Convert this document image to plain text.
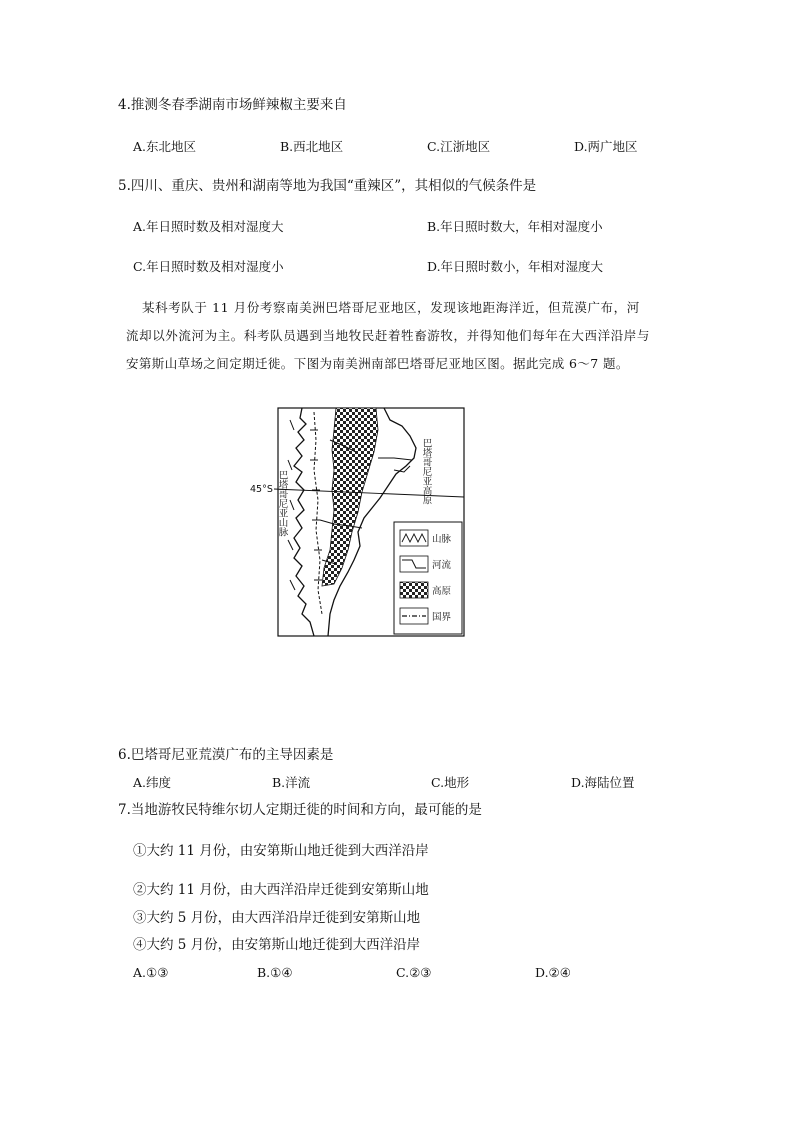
4.推测冬春季湖南市场鲜辣椒主要来自
A.东北地区	B.西北地区	C.江浙地区	D.两广地区
5.四川、重庆、贵州和湖南等地为我国“重辣区”，其相似的气候条件是
A.年日照时数及相对湿度大	B.年日照时数大，年相对湿度小
C.年日照时数及相对湿度小	D.年日照时数小，年相对湿度大
某科考队于 11 月份考察南美洲巴塔哥尼亚地区，发现该地距海洋近，但荒漠广布，河
流却以外流河为主。科考队员遇到当地牧民赶着牲畜游牧，并得知他们每年在大西洋沿岸与
安第斯山草场之间定期迁徙。下图为南美洲南部巴塔哥尼亚地区图。据此完成 6～7 题。
45°S 巴塔哥尼亚山脉	巴塔哥尼亚高原
山脉
河流
高原
国界
6.巴塔哥尼亚荒漠广布的主导因素是
A.纬度	B.洋流	C.地形	D.海陆位置
7.当地游牧民特维尔切人定期迁徙的时间和方向，最可能的是
①大约 11 月份，由安第斯山地迁徙到大西洋沿岸
②大约 11 月份，由大西洋沿岸迁徙到安第斯山地
③大约 5 月份，由大西洋沿岸迁徙到安第斯山地
④大约 5 月份，由安第斯山地迁徙到大西洋沿岸
A.①③	B.①④	C.②③	D.②④
